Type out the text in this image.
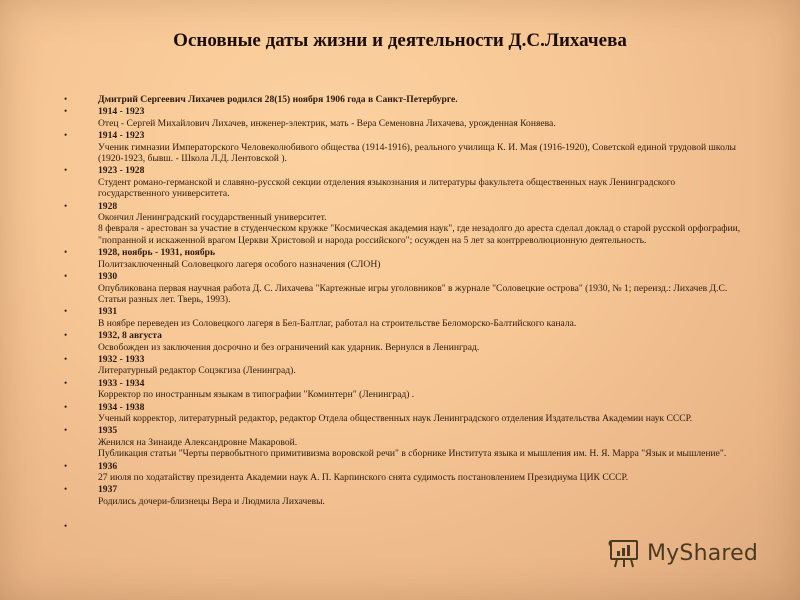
Основные даты жизни и деятельности Д.С.Лихачева
•	Дмитрий Сергеевич Лихачев родился 28(15) ноября 1906 года в Санкт-Петербурге.
•	1914 - 1923
Отец - Сергей Михайлович Лихачев, инженер-электрик, мать - Вера Семеновна Лихачева, урожденная Коняева.
•	1914 - 1923
Ученик гимназии Императорского Человеколюбивого общества (1914-1916), реального училища К. И. Мая (1916-1920), Советской единой трудовой школы (1920-1923, бывш. - Школа Л.Д. Лентовской ).
•	1923 - 1928
Студент романо-германской и славяно-русской секции отделения языкознания и литературы факультета общественных наук Ленинградского государственного университета.
•	1928
Окончил Ленинградский государственный университет.
8 февраля - арестован за участие в студенческом кружке "Космическая академия наук", где незадолго до ареста сделал доклад о старой русской орфографии, "попранной и искаженной врагом Церкви Христовой и народа российского"; осужден на 5 лет за контрреволюционную деятельность.
•	1928, ноябрь - 1931, ноябрь
Политзаключенный Соловецкого лагеря особого назначения (СЛОН)
•	1930
Опубликована первая научная работа Д. С. Лихачева "Картежные игры уголовников" в журнале "Соловецкие острова" (1930, № 1; переизд.: Лихачев Д.С. Статьи разных лет. Тверь, 1993).
•	1931
В ноябре переведен из Соловецкого лагеря в Бел-Балтлаг, работал на строительстве Беломорско-Балтийского канала.
•	1932, 8 августа
Освобожден из заключения досрочно и без ограничений как ударник. Вернулся в Ленинград.
•	1932 - 1933
Литературный редактор Соцэкгиза (Ленинград).
•	1933 - 1934
Корректор по иностранным языкам в типографии "Коминтерн" (Ленинград) .
•	1934 - 1938
Ученый корректор, литературный редактор, редактор Отдела общественных наук Ленинградского отделения Издательства Академии наук СССР.
•	1935
Женился на Зинаиде Александровне Макаровой.
Публикация статьи "Черты первобытного примитивизма воровской речи" в сборнике Института языка и мышления им. Н. Я. Марра "Язык и мышление".
•	1936
27 июля по ходатайству президента Академии наук А. П. Карпинского снята судимость постановлением Президиума ЦИК СССР.
•	1937
Родились дочери-близнецы Вера и Людмила Лихачевы.
•
MyShared
